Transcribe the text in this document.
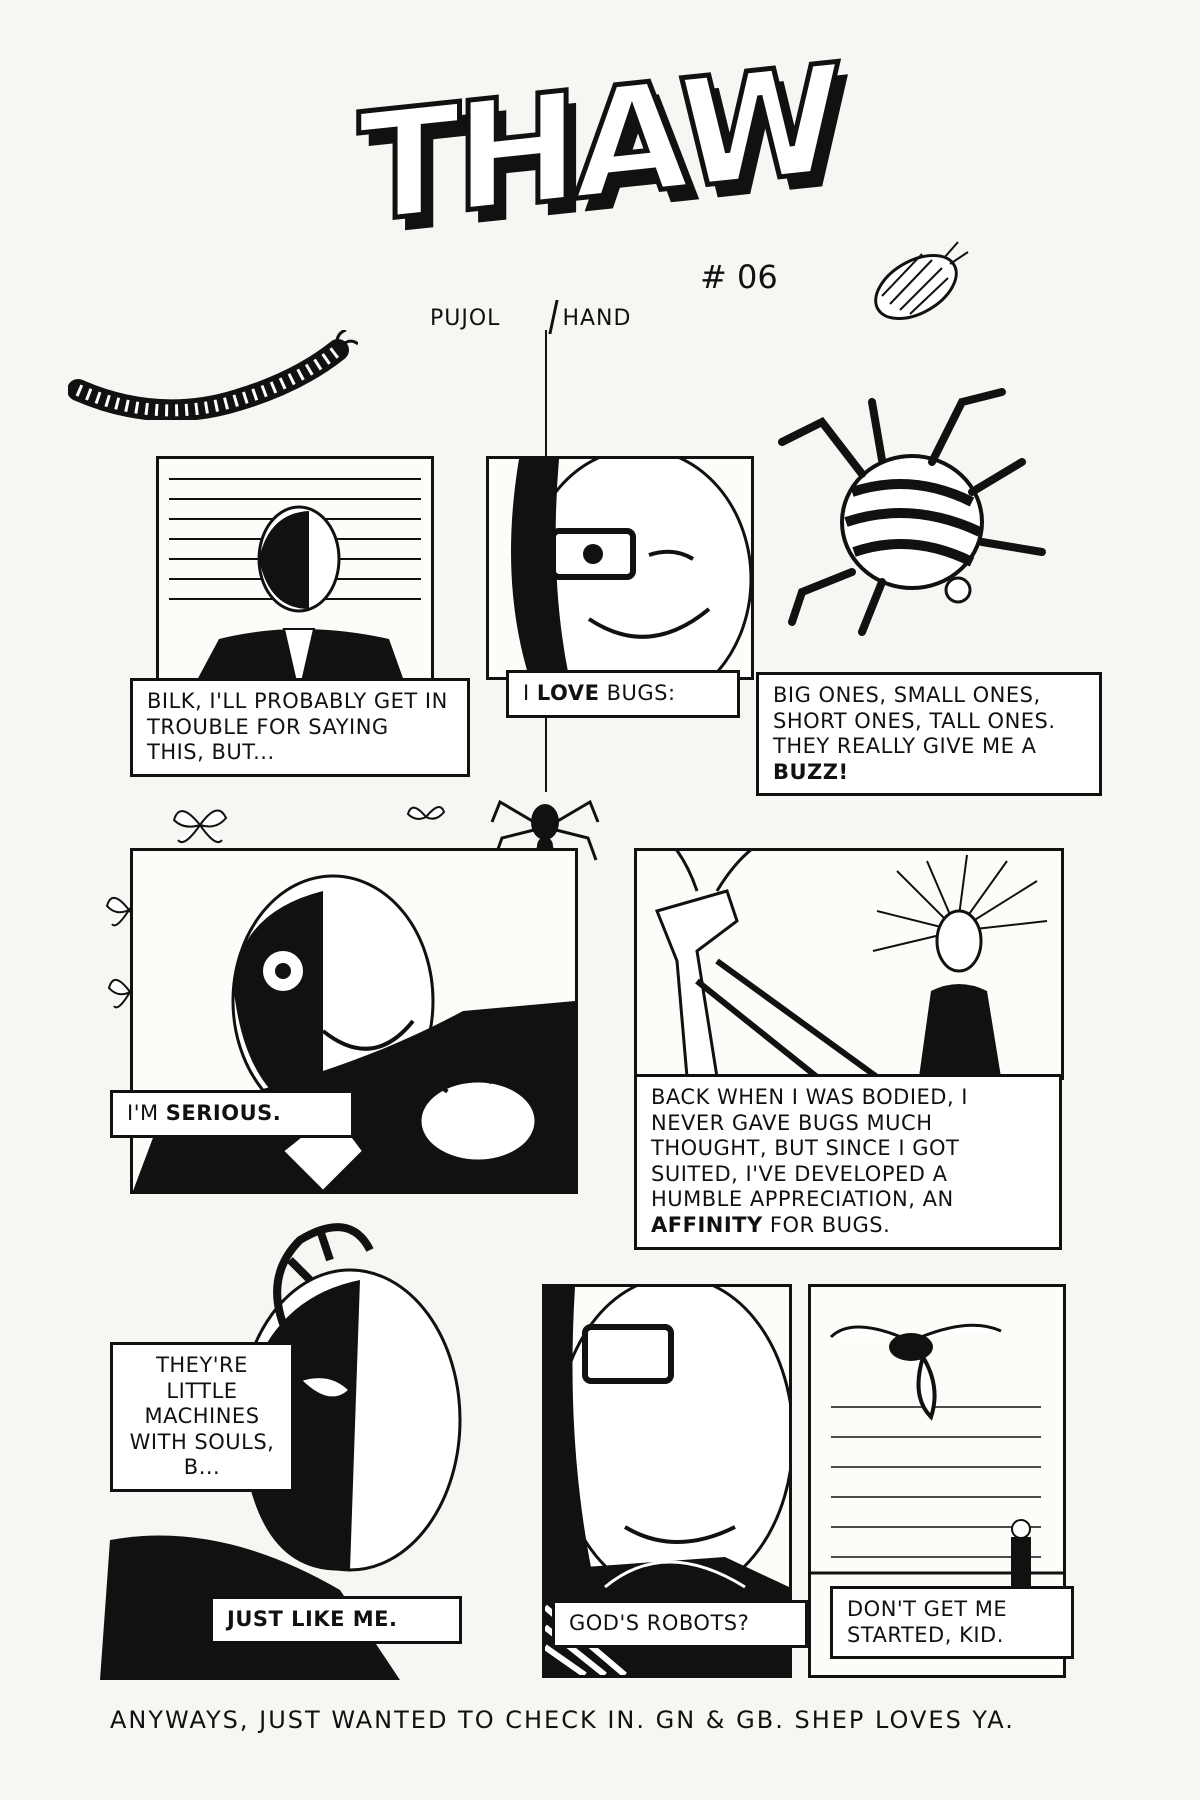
THAW
# 06
PUJOL	HAND
BILK, I'LL PROBABLY GET IN TROUBLE FOR SAYING THIS, BUT...
I LOVE BUGS:	BIG ONES, SMALL ONES, SHORT ONES, TALL ONES. THEY REALLY GIVE ME A BUZZ!
I'M SERIOUS.
BACK WHEN I WAS BODIED, I NEVER GAVE BUGS MUCH THOUGHT, BUT SINCE I GOT SUITED, I'VE DEVELOPED A HUMBLE APPRECIATION, AN AFFINITY FOR BUGS.
THEY'RE LITTLE MACHINES WITH SOULS, B...
JUST LIKE ME.	GOD'S ROBOTS?
DON'T GET ME STARTED, KID.
ANYWAYS, JUST WANTED TO CHECK IN. GN & GB. SHEP LOVES YA.
